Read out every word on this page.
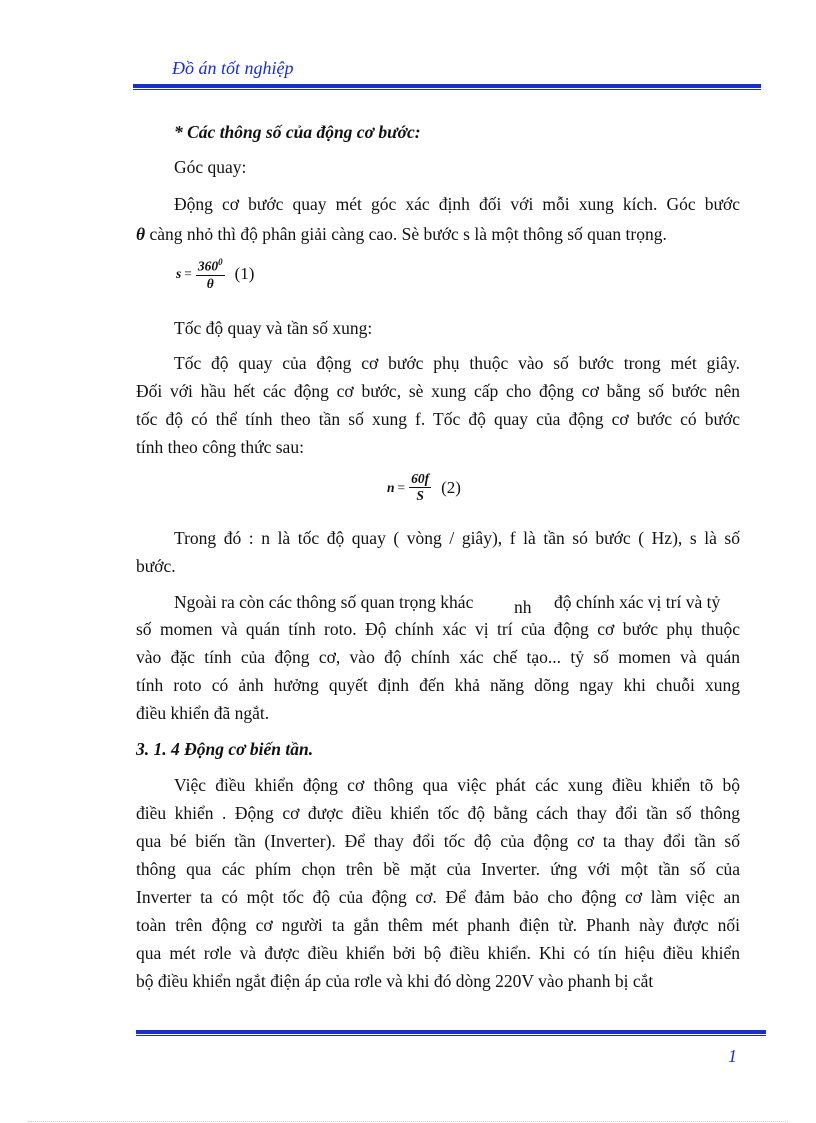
Đồ án tốt nghiệp
* Các thông số của động cơ bước:
Góc quay:
Động cơ bước quay mét góc xác định đối với mỗi xung kích. Góc bước
θ càng nhỏ thì độ phân giải càng cao. Sè bước s là một thông số quan trọng.
$s = \frac{360^0}{\theta} (1)$
Tốc độ quay và tần số xung:
Tốc độ quay của động cơ bước phụ thuộc vào số bước trong mét giây.
Đối với hầu hết các động cơ bước, sè xung cấp cho động cơ bằng số bước nên
tốc độ có thể tính theo tần số xung f. Tốc độ quay của động cơ bước có bước
tính theo công thức sau:
$n = \frac{60f}{S} (2)$
Trong đó : n là tốc độ quay ( vòng / giây), f là tần só bước ( Hz), s là số
bước.
Ngoài ra còn các thông số quan trọng khác nh độ chính xác vị trí và tỷ
số momen và quán tính roto. Độ chính xác vị trí của động cơ bước phụ thuộc
vào đặc tính của động cơ, vào độ chính xác chế tạo... tỷ số momen và quán
tính roto có ảnh hưởng quyết định đến khả năng dõng ngay khi chuỗi xung
điều khiển đã ngắt.
3. 1. 4 Động cơ biến tần.
Việc điều khiển động cơ thông qua việc phát các xung điều khiển tõ bộ
điều khiển . Động cơ được điều khiển tốc độ bằng cách thay đổi tần số thông
qua bé biến tần (Inverter). Để thay đổi tốc độ của động cơ ta thay đổi tần số
thông qua các phím chọn trên bề mặt của Inverter. ứng với một tần số của
Inverter ta có một tốc độ của động cơ. Để đảm bảo cho động cơ làm việc an
toàn trên động cơ người ta gắn thêm mét phanh điện từ. Phanh này được nối
qua mét rơle và được điều khiển bởi bộ điều khiển. Khi có tín hiệu điều khiển
bộ điều khiển ngắt điện áp của rơle và khi đó dòng 220V vào phanh bị cắt
1
